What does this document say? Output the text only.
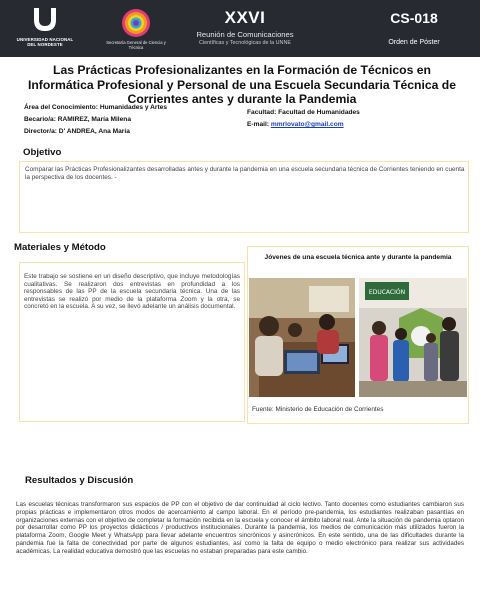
UNIVERSIDAD NACIONAL DEL NORDESTE	Secretaría General de Ciencia y Técnica
XXVI
Reunión de Comunicaciones
Científicas y Tecnológicas de la UNNE
CS-018
Orden de Póster
Las Prácticas Profesionalizantes en la Formación de Técnicos en Informática Profesional y Personal de una Escuela Secundaria Técnica de Corrientes antes y durante la Pandemia
Área del Conocimiento: Humanidades y Artes
Becario/a: RAMIREZ, María Milena
Director/a: D' ANDREA, Ana María
Facultad: Facultad de Humanidades
E-mail: mmrlovato@gmail.com
Objetivo
Comparar las Prácticas Profesionalizantes desarrolladas antes y durante la pandemia en una escuela secundaria técnica de Corrientes teniendo en cuenta la perspectiva de los docentes. -
Materiales y Método
Este trabajo se sostiene en un diseño descriptivo, que incluye metodologías cualitativas. Se realizaron dos entrevistas en profundidad a los responsables de las PP de la escuela secundaria técnica. Una de las entrevistas se realizó por medio de la plataforma Zoom y la otra, se concretó en la escuela. A su vez, se llevó adelante un análisis documental.
Jóvenes de una escuela técnica ante y durante la pandemia
EDUCACIÓN
Fuente: Ministerio de Educación de Corrientes
Resultados y Discusión
Las escuelas técnicas transformaron sus espacios de PP con el objetivo de dar continuidad al ciclo lectivo. Tanto docentes como estudiantes cambiaron sus propias prácticas e implementaron otros modos de acercamiento al campo laboral. En el período pre-pandemia, los estudiantes realizaban pasantías en organizaciones externas con el objetivo de completar la formación recibida en la escuela y conocer el ámbito laboral real. Ante la situación de pandemia optaron por desarrollar como PP los proyectos didácticos / productivos institucionales. Durante la pandemia, los medios de comunicación más utilizados fueron la plataforma Zoom, Google Meet y WhatsApp para llevar adelante encuentros sincrónicos y asincrónicos. En este sentido, una de las dificultades durante la pandemia fue la falta de conectividad por parte de algunos estudiantes, así como la falta de equipo o medio electrónico para realizar sus actividades académicas. La realidad educativa demostró que las escuelas no estaban preparadas para este cambio.
